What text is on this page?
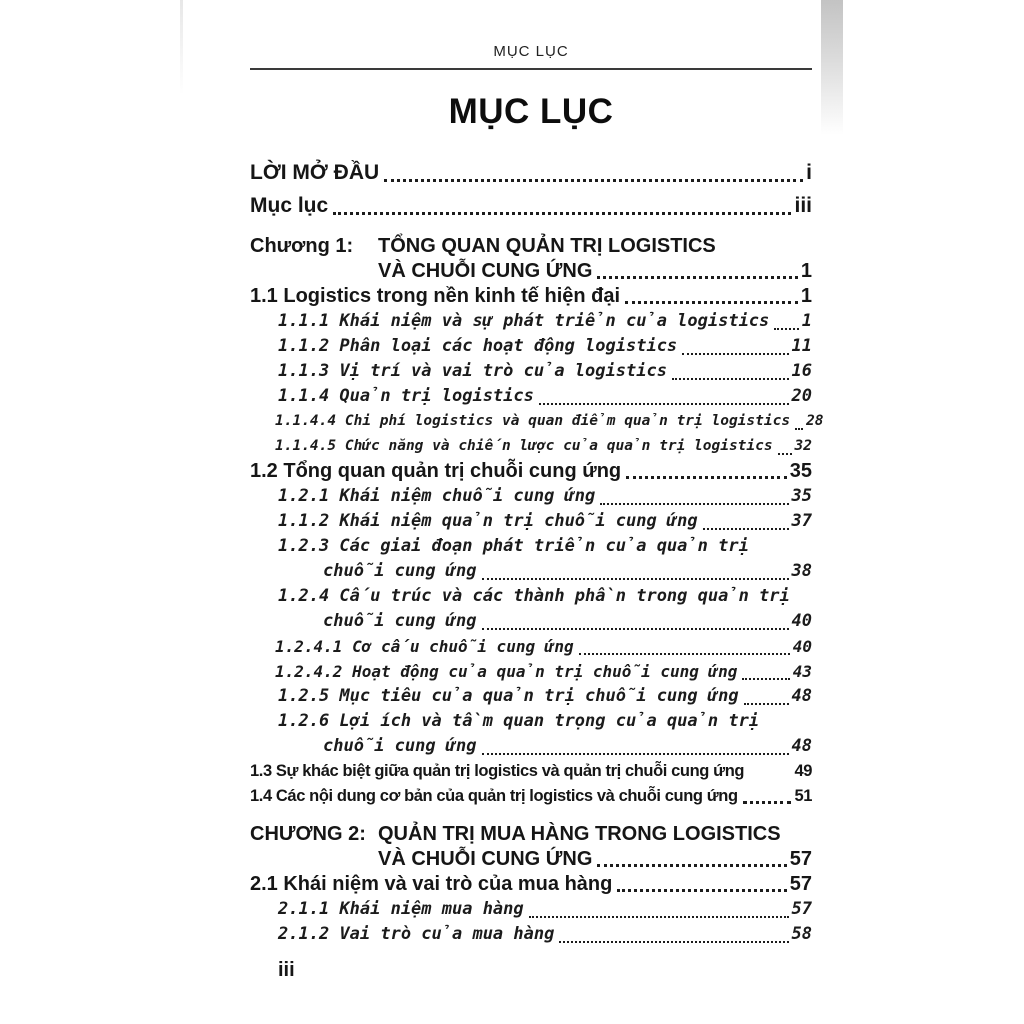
MỤC LỤC
MỤC LỤC
LỜI MỞ ĐẦU	i
Mục lục	iii
Chương 1:	TỔNG QUAN QUẢN TRỊ LOGISTICS
VÀ CHUỖI CUNG ỨNG	1
1.1 Logistics trong nền kinh tế hiện đại	1
1.1.1 Khái niệm và sự phát triển của logistics 1
1.1.2 Phân loại các hoạt động logistics	11
1.1.3 Vị trí và vai trò của logistics	16
1.1.4 Quản trị logistics	20
1.1.4.4 Chi phí logistics và quan điểm quản trị logistics 28
1.1.4.5 Chức năng và chiến lược của quản trị logistics 32
1.2 Tổng quan quản trị chuỗi cung ứng	35
1.2.1 Khái niệm chuỗi cung ứng	35
1.1.2 Khái niệm quản trị chuỗi cung ứng	37
1.2.3 Các giai đoạn phát triển của quản trị
chuỗi cung ứng	38
1.2.4 Cấu trúc và các thành phần trong quản trị
chuỗi cung ứng	40
1.2.4.1 Cơ cấu chuỗi cung ứng	40
1.2.4.2 Hoạt động của quản trị chuỗi cung ứng	43
1.2.5 Mục tiêu của quản trị chuỗi cung ứng	48
1.2.6 Lợi ích và tầm quan trọng của quản trị
chuỗi cung ứng	48
1.3 Sự khác biệt giữa quản trị logistics và quản trị chuỗi cung ứng	49
1.4 Các nội dung cơ bản của quản trị logistics và chuỗi cung ứng	51
CHƯƠNG 2: QUẢN TRỊ MUA HÀNG TRONG LOGISTICS
VÀ CHUỖI CUNG ỨNG	57
2.1 Khái niệm và vai trò của mua hàng	57
2.1.1 Khái niệm mua hàng	57
2.1.2 Vai trò của mua hàng	58
iii
